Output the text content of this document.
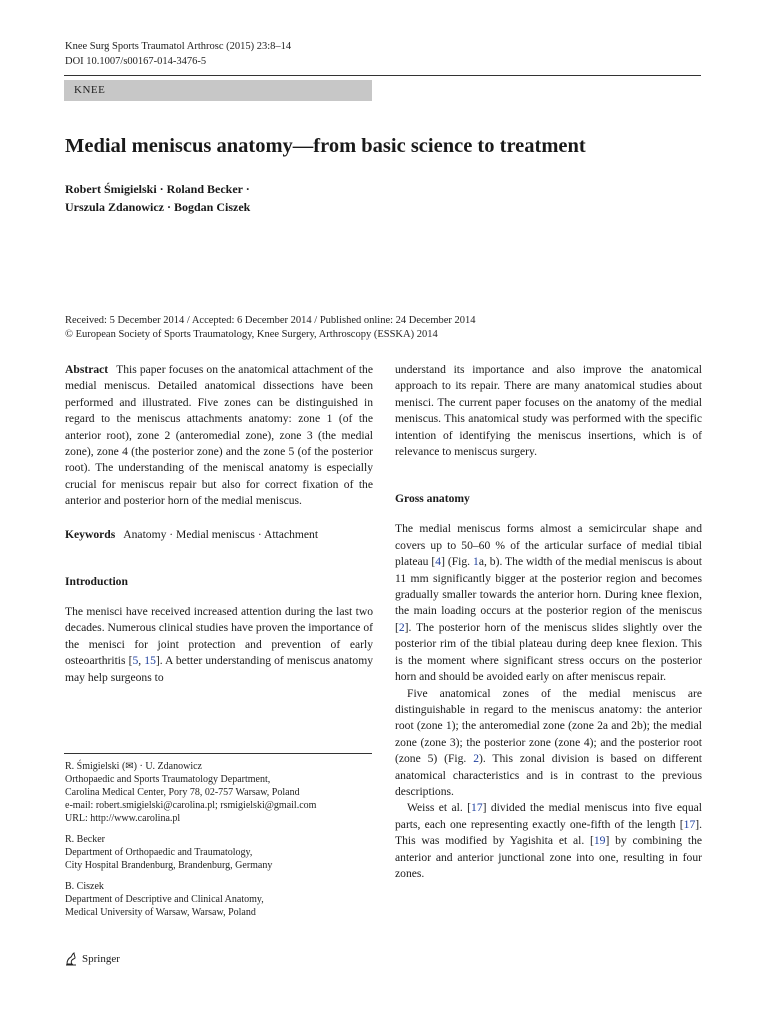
Knee Surg Sports Traumatol Arthrosc (2015) 23:8–14
DOI 10.1007/s00167-014-3476-5
KNEE
Medial meniscus anatomy—from basic science to treatment
Robert Śmigielski · Roland Becker ·
Urszula Zdanowicz · Bogdan Ciszek
Received: 5 December 2014 / Accepted: 6 December 2014 / Published online: 24 December 2014
© European Society of Sports Traumatology, Knee Surgery, Arthroscopy (ESSKA) 2014

Abstract This paper focuses on the anatomical attachment of the medial meniscus. Detailed anatomical dissections have been performed and illustrated. Five zones can be distinguished in regard to the meniscus attachments anatomy: zone 1 (of the anterior root), zone 2 (anteromedial zone), zone 3 (the medial zone), zone 4 (the posterior zone) and the zone 5 (of the posterior root). The understanding of the meniscal anatomy is especially crucial for meniscus repair but also for correct fixation of the anterior and posterior horn of the medial meniscus.

Keywords Anatomy · Medial meniscus · Attachment

Introduction

The menisci have received increased attention during the last two decades. Numerous clinical studies have proven the importance of the menisci for joint protection and prevention of early osteoarthritis [5, 15]. A better understanding of meniscus anatomy may help surgeons to

R. Śmigielski (✉) · U. Zdanowicz
Orthopaedic and Sports Traumatology Department,
Carolina Medical Center, Pory 78, 02-757 Warsaw, Poland
e-mail: robert.smigielski@carolina.pl; rsmigielski@gmail.com
URL: http://www.carolina.pl
R. Becker
Department of Orthopaedic and Traumatology,
City Hospital Brandenburg, Brandenburg, Germany
B. Ciszek
Department of Descriptive and Clinical Anatomy,
Medical University of Warsaw, Warsaw, Poland

understand its importance and also improve the anatomical approach to its repair. There are many anatomical studies about menisci. The current paper focuses on the anatomy of the medial meniscus. This anatomical study was performed with the specific intention of identifying the meniscus insertions, which is of relevance to meniscus surgery.

Gross anatomy

The medial meniscus forms almost a semicircular shape and covers up to 50–60 % of the articular surface of medial tibial plateau [4] (Fig. 1a, b). The width of the medial meniscus is about 11 mm significantly bigger at the posterior region and becomes gradually smaller towards the anterior horn. During knee flexion, the main loading occurs at the posterior region of the meniscus [2]. The posterior horn of the meniscus slides slightly over the posterior rim of the tibial plateau during deep knee flexion. This is the moment where significant stress occurs on the posterior horn and should be avoided early on after meniscus repair.

Five anatomical zones of the medial meniscus are distinguishable in regard to the meniscus anatomy: the anterior root (zone 1); the anteromedial zone (zone 2a and 2b); the medial zone (zone 3); the posterior zone (zone 4); and the posterior root (zone 5) (Fig. 2). This zonal division is based on different anatomical characteristics and is in contrast to the previous descriptions.

Weiss et al. [17] divided the medial meniscus into five equal parts, each one representing exactly one-fifth of the length [17]. This was modified by Yagishita et al. [19] by combining the anterior and anterior junctional zone into one, resulting in four zones.

Springer
